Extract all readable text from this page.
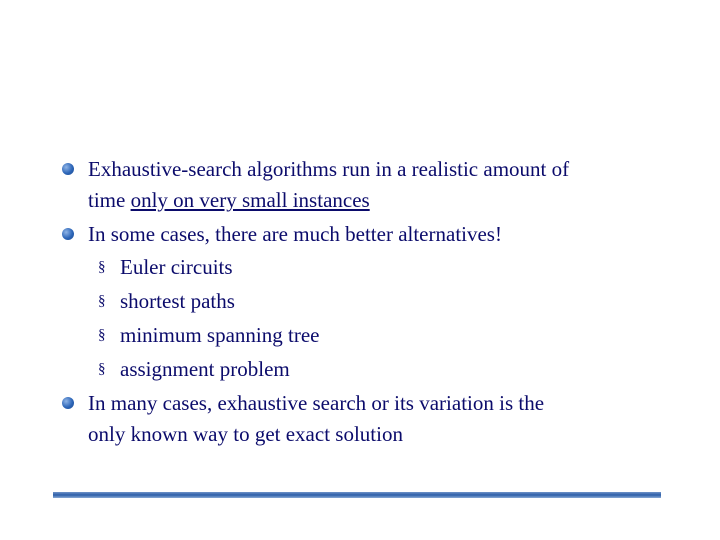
Exhaustive-search algorithms run in a realistic amount of
time only on very small instances
In some cases, there are much better alternatives!
§ Euler circuits
§ shortest paths
§ minimum spanning tree
§ assignment problem
In many cases, exhaustive search or its variation is the
only known way to get exact solution
